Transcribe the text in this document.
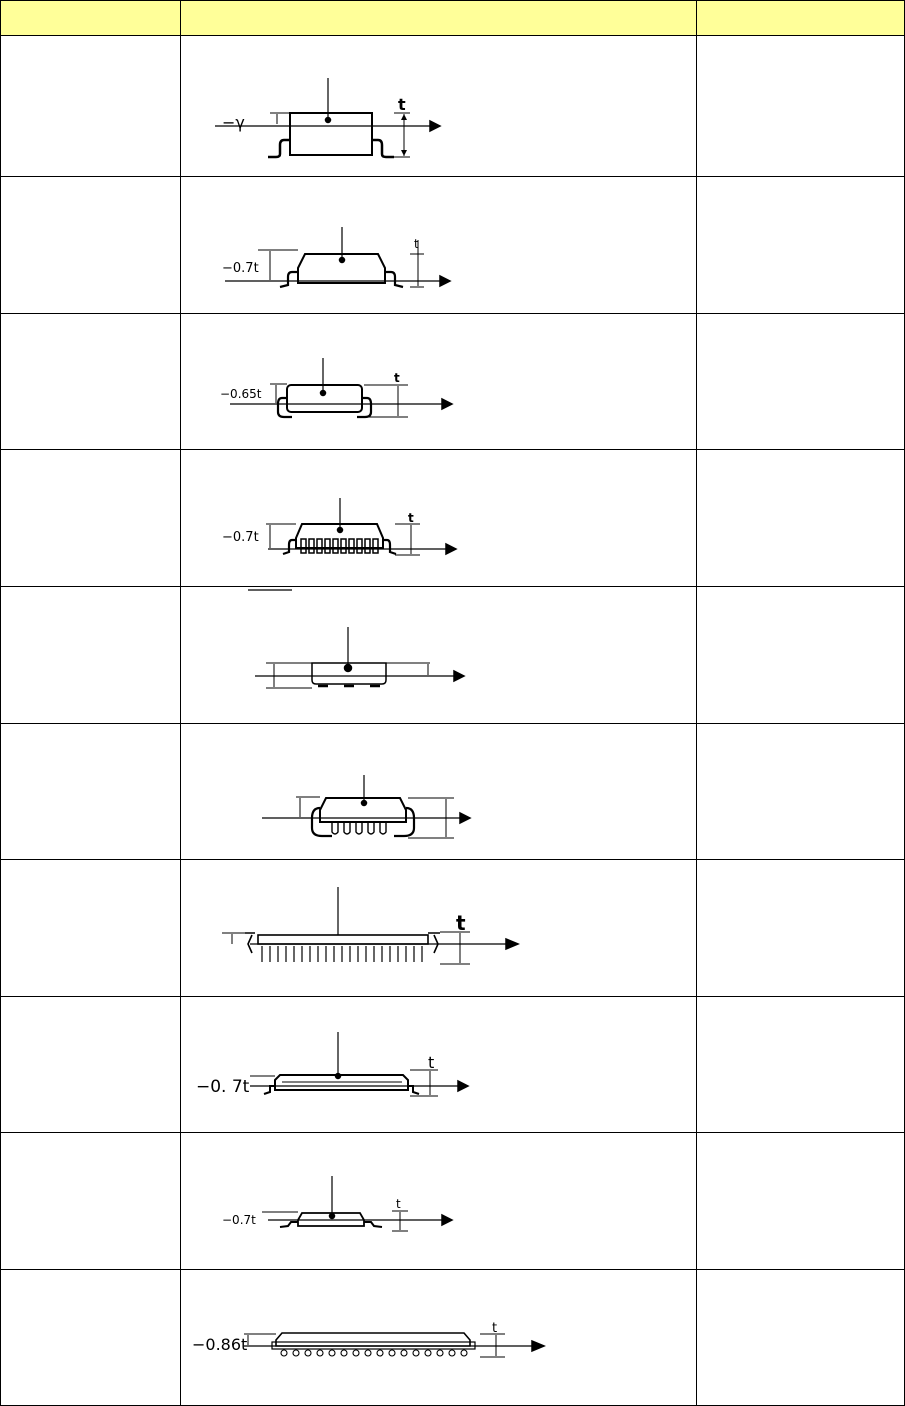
−γ
t
−0.7t
t
−0.65t
t
−0.7t
t
t
−0. 7t
t
−0.7t
t
−0.86t
t
